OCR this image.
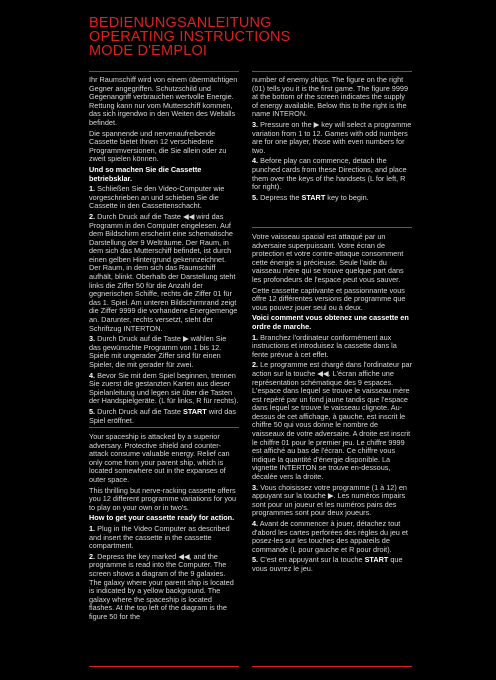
BEDIENUNGSANLEITUNG
OPERATING INSTRUCTIONS
MODE D'EMPLOI

Ihr Raumschiff wird von einem übermächtigen Gegner angegriffen. Schutzschild und Gegenangriff verbrauchen wertvolle Energie. Rettung kann nur vom Mutterschiff kommen, das sich irgendwo in den Weiten des Weltalls befindet.

Die spannende und nervenaufreibende Cassette bietet Ihnen 12 verschiedene Programmversionen, die Sie allein oder zu zweit spielen können.

Und so machen Sie die Cassette betriebsklar.

1. Schließen Sie den Video-Computer wie vorgeschrieben an und schieben Sie die Cassette in den Cassettenschacht.

2. Durch Druck auf die Taste ◀◀ wird das Programm in den Computer eingelesen. Auf dem Bildschirm erscheint eine schematische Darstellung der 9 Welträume. Der Raum, in dem sich das Mutterschiff befindet, ist durch einen gelben Hintergrund gekennzeichnet. Der Raum, in dem sich das Raumschiff aufhält, blinkt. Oberhalb der Darstellung steht links die Ziffer 50 für die Anzahl der gegnerischen Schiffe, rechts die Ziffer 01 für das 1. Spiel. Am unteren Bildschirmrand zeigt die Ziffer 9999 die vorhandene Energiemenge an. Darunter, rechts versetzt, steht der Schriftzug INTERTON.

3. Durch Druck auf die Taste ▶ wählen Sie das gewünschte Programm von 1 bis 12. Spiele mit ungerader Ziffer sind für einen Spieler, die mit gerader für zwei.

4. Bevor Sie mit dem Spiel beginnen, trennen Sie zuerst die gestanzten Karten aus dieser Spielanleitung und legen sie über die Tasten der Handspielgeräte. (L für links, R für rechts).

5. Durch Druck auf die Taste START wird das Spiel eröffnet.

number of enemy ships. The figure on the right (01) tells you it is the first game. The figure 9999 at the bottom of the screen indicates the supply of energy available. Below this to the right is the name INTERON.

3. Pressure on the ▶ key will select a programme variation from 1 to 12. Games with odd numbers are for one player, those with even numbers for two.

4. Before play can commence, detach the punched cards from these Directions, and place them over the keys of the handsets (L for left, R for right).

5. Depress the START key to begin.

Your spaceship is attacked by a superior adversary. Protective shield and counter-attack consume valuable energy. Relief can only come from your parent ship, which is located somewhere out in the expanses of outer space.

This thrilling but nerve-racking cassette offers you 12 different programme variations for you to play on your own or in two's.

How to get your cassette ready for action.

1. Plug in the Video Computer as described and insert the cassette in the cassette compartment.

2. Depress the key marked ◀◀, and the programme is read into the Computer. The screen shows a diagram of the 9 galaxies. The galaxy where your parent ship is located is indicated by a yellow background. The galaxy where the spaceship is located flashes. At the top left of the diagram is the figure 50 for the

Votre vaisseau spacial est attaqué par un adversaire superpuissant. Votre écran de protection et votre contre-attaque consomment cette énergie si précieuse. Seule l'aide du vaisseau mère qui se trouve quelque part dans les profondeurs de l'espace peut vous sauver.

Cette cassette captivante et passionnante vous offre 12 différentes versions de programme que vous pouvez jouer seul ou à deux.

Voici comment vous obtenez une cassette en ordre de marche.

1. Branchez l'ordinateur conformément aux instructions et introduisez la cassette dans la fente prévue à cet effet.

2. Le programme est chargé dans l'ordinateur par action sur la touche ◀◀. L'écran affiche une représentation schématique des 9 espaces. L'espace dans lequel se trouve le vaisseau mère est repéré par un fond jaune tandis que l'espace dans lequel se trouve le vaisseau clignote. Au-dessus de cet affichage, à gauche, est inscrit le chiffre 50 qui vous donne le nombre de vaisseaux de votre adversaire. A droite est inscrit le chiffre 01 pour le premier jeu. Le chiffre 9999 est affiché au bas de l'écran. Ce chiffre vous indique la quantité d'énergie disponible. La vignette INTERTON se trouve en-dessous, décalée vers la droite.

3. Vous choisissez votre programme (1 à 12) en appuyant sur la touche ▶. Les numéros impairs sont pour un joueur et les numéros pairs des programmes sont pour deux joueurs.

4. Avant de commencer à jouer, détachez tout d'abord les cartes perforées des règles du jeu et posez-les sur les touches des appareils de commande (L pour gauche et R pour droit).

5. C'est en appuyant sur la touche START que vous ouvrez le jeu.
